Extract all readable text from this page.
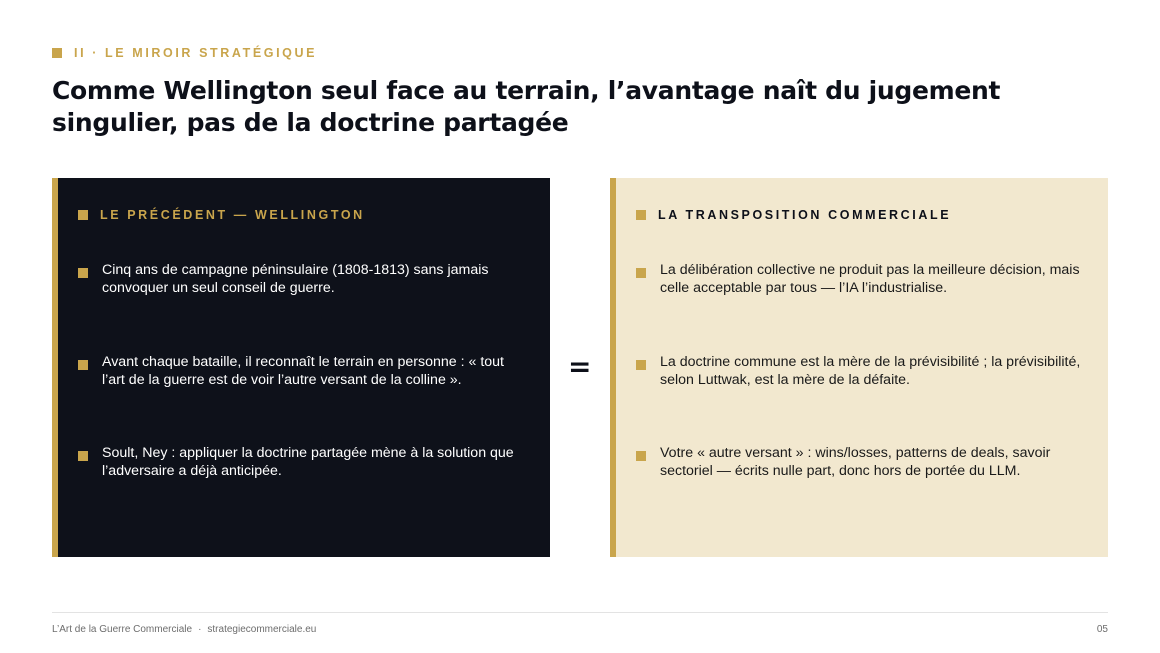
II · LE MIROIR STRATÉGIQUE
Comme Wellington seul face au terrain, l’avantage naît du jugement singulier, pas de la doctrine partagée
LE PRÉCÉDENT — WELLINGTON
Cinq ans de campagne péninsulaire (1808-1813) sans jamais convoquer un seul conseil de guerre.
Avant chaque bataille, il reconnaît le terrain en personne : « tout l’art de la guerre est de voir l’autre versant de la colline ».
Soult, Ney : appliquer la doctrine partagée mène à la solution que l’adversaire a déjà anticipée.
=
LA TRANSPOSITION COMMERCIALE
La délibération collective ne produit pas la meilleure décision, mais celle acceptable par tous — l’IA l’industrialise.
La doctrine commune est la mère de la prévisibilité ; la prévisibilité, selon Luttwak, est la mère de la défaite.
Votre « autre versant » : wins/losses, patterns de deals, savoir sectoriel — écrits nulle part, donc hors de portée du LLM.
L’Art de la Guerre Commerciale · strategiecommerciale.eu	05
